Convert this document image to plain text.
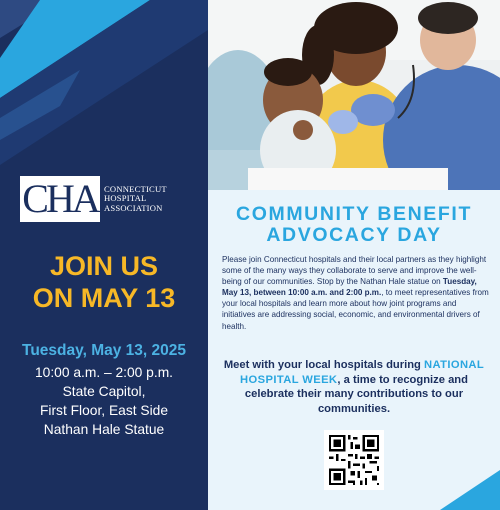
CHA CONNECTICUT
HOSPITAL
ASSOCIATION
JOIN US
ON MAY 13
Tuesday, May 13, 2025
10:00 a.m. – 2:00 p.m.
State Capitol,
First Floor, East Side
Nathan Hale Statue
COMMUNITY BENEFIT
ADVOCACY DAY
Please join Connecticut hospitals and their local partners as they highlight some of the many ways they collaborate to serve and improve the well-being of our communities. Stop by the Nathan Hale statue on Tuesday, May 13, between 10:00 a.m. and 2:00 p.m., to meet representatives from your local hospitals and learn more about how joint programs and initiatives are addressing social, economic, and environmental drivers of health.
Meet with your local hospitals during NATIONAL HOSPITAL WEEK, a time to recognize and celebrate their many contributions to our communities.
